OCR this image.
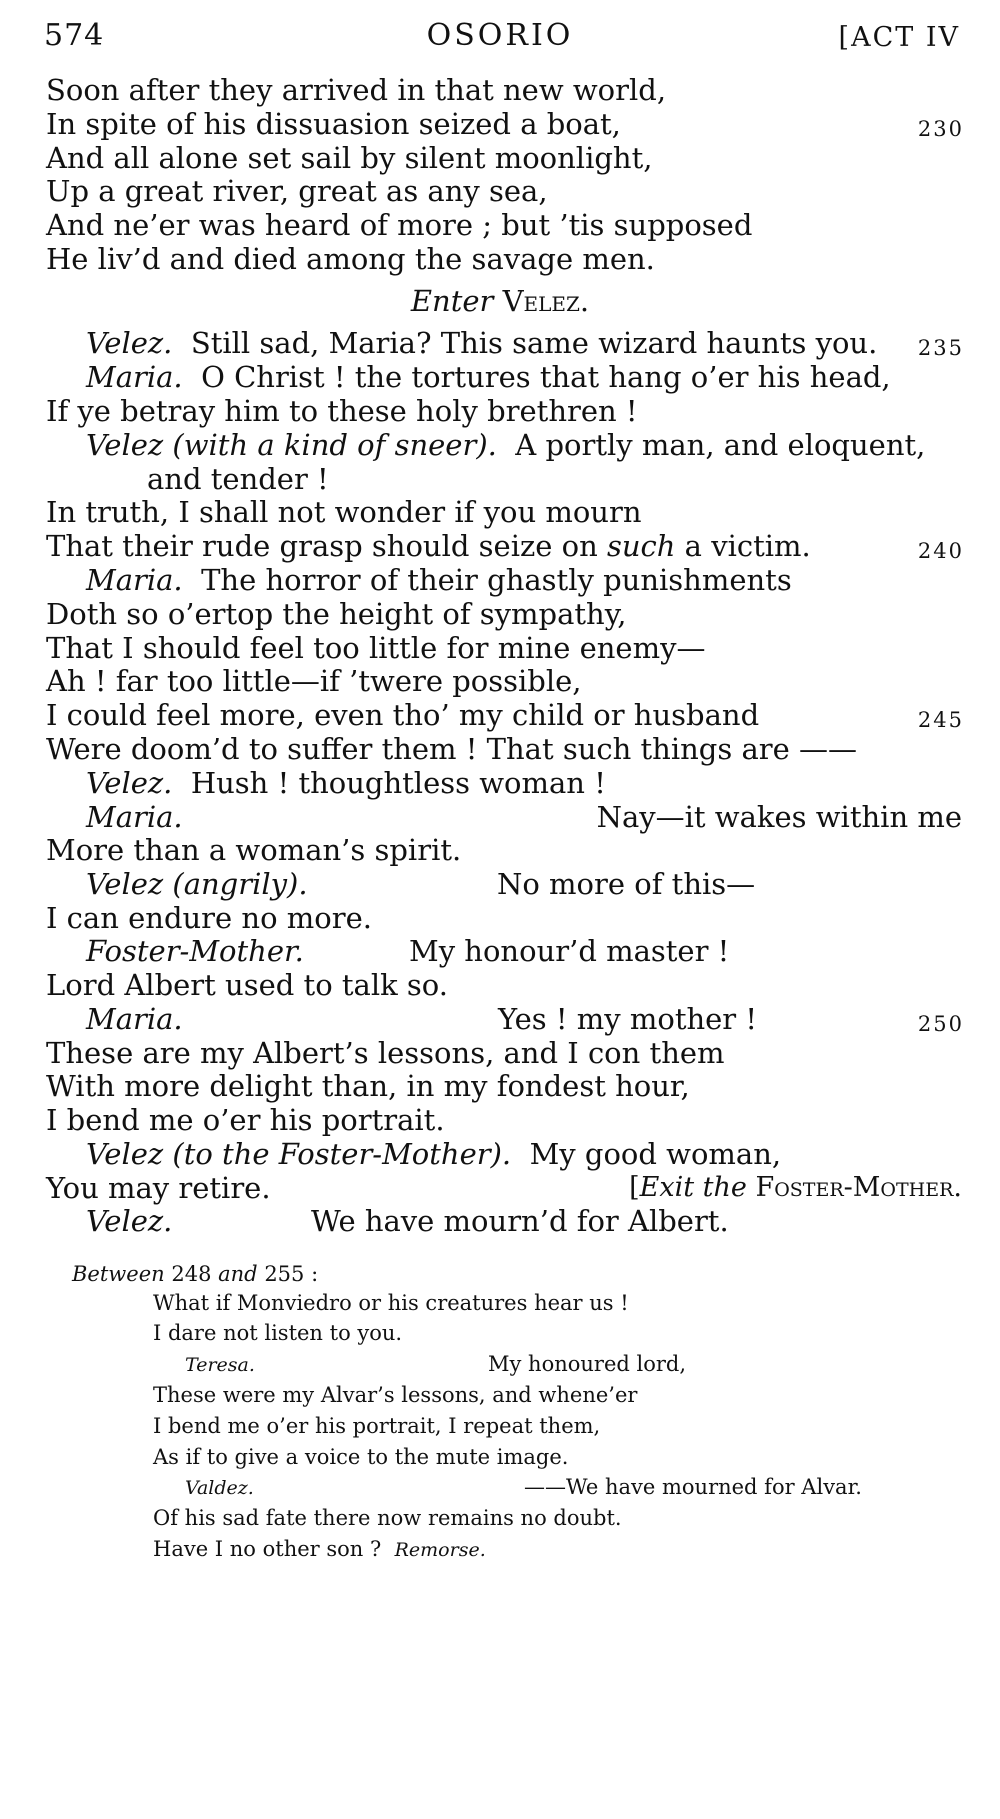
574	OSORIO	[ACT IV
Soon after they arrived in that new world,
In spite of his dissuasion seized a boat,	230
And all alone set sail by silent moonlight,
Up a great river, great as any sea,
And ne’er was heard of more ; but ’tis supposed
He liv’d and died among the savage men.
Enter Velez.
Velez. Still sad, Maria? This same wizard haunts you.	235
Maria. O Christ ! the tortures that hang o’er his head,
If ye betray him to these holy brethren !
Velez (with a kind of sneer). A portly man, and eloquent,
and tender !
In truth, I shall not wonder if you mourn
That their rude grasp should seize on such a victim.	240
Maria. The horror of their ghastly punishments
Doth so o’ertop the height of sympathy,
That I should feel too little for mine enemy—
Ah ! far too little—if ’twere possible,
I could feel more, even tho’ my child or husband	245
Were doom’d to suffer them ! That such things are ——
Velez. Hush ! thoughtless woman !
Maria.	Nay—it wakes within me
More than a woman’s spirit.
Velez (angrily).	No more of this—
I can endure no more.
Foster-Mother.	My honour’d master !
Lord Albert used to talk so.
Maria.	Yes ! my mother !	250
These are my Albert’s lessons, and I con them
With more delight than, in my fondest hour,
I bend me o’er his portrait.
Velez (to the Foster-Mother). My good woman,
You may retire.	[Exit the Foster-Mother.
Velez.	We have mourn’d for Albert.
Between 248 and 255 :
What if Monviedro or his creatures hear us !
I dare not listen to you.
Teresa.	My honoured lord,
These were my Alvar’s lessons, and whene’er
I bend me o’er his portrait, I repeat them,
As if to give a voice to the mute image.
Valdez.	——We have mourned for Alvar.
Of his sad fate there now remains no doubt.
Have I no other son ? Remorse.
